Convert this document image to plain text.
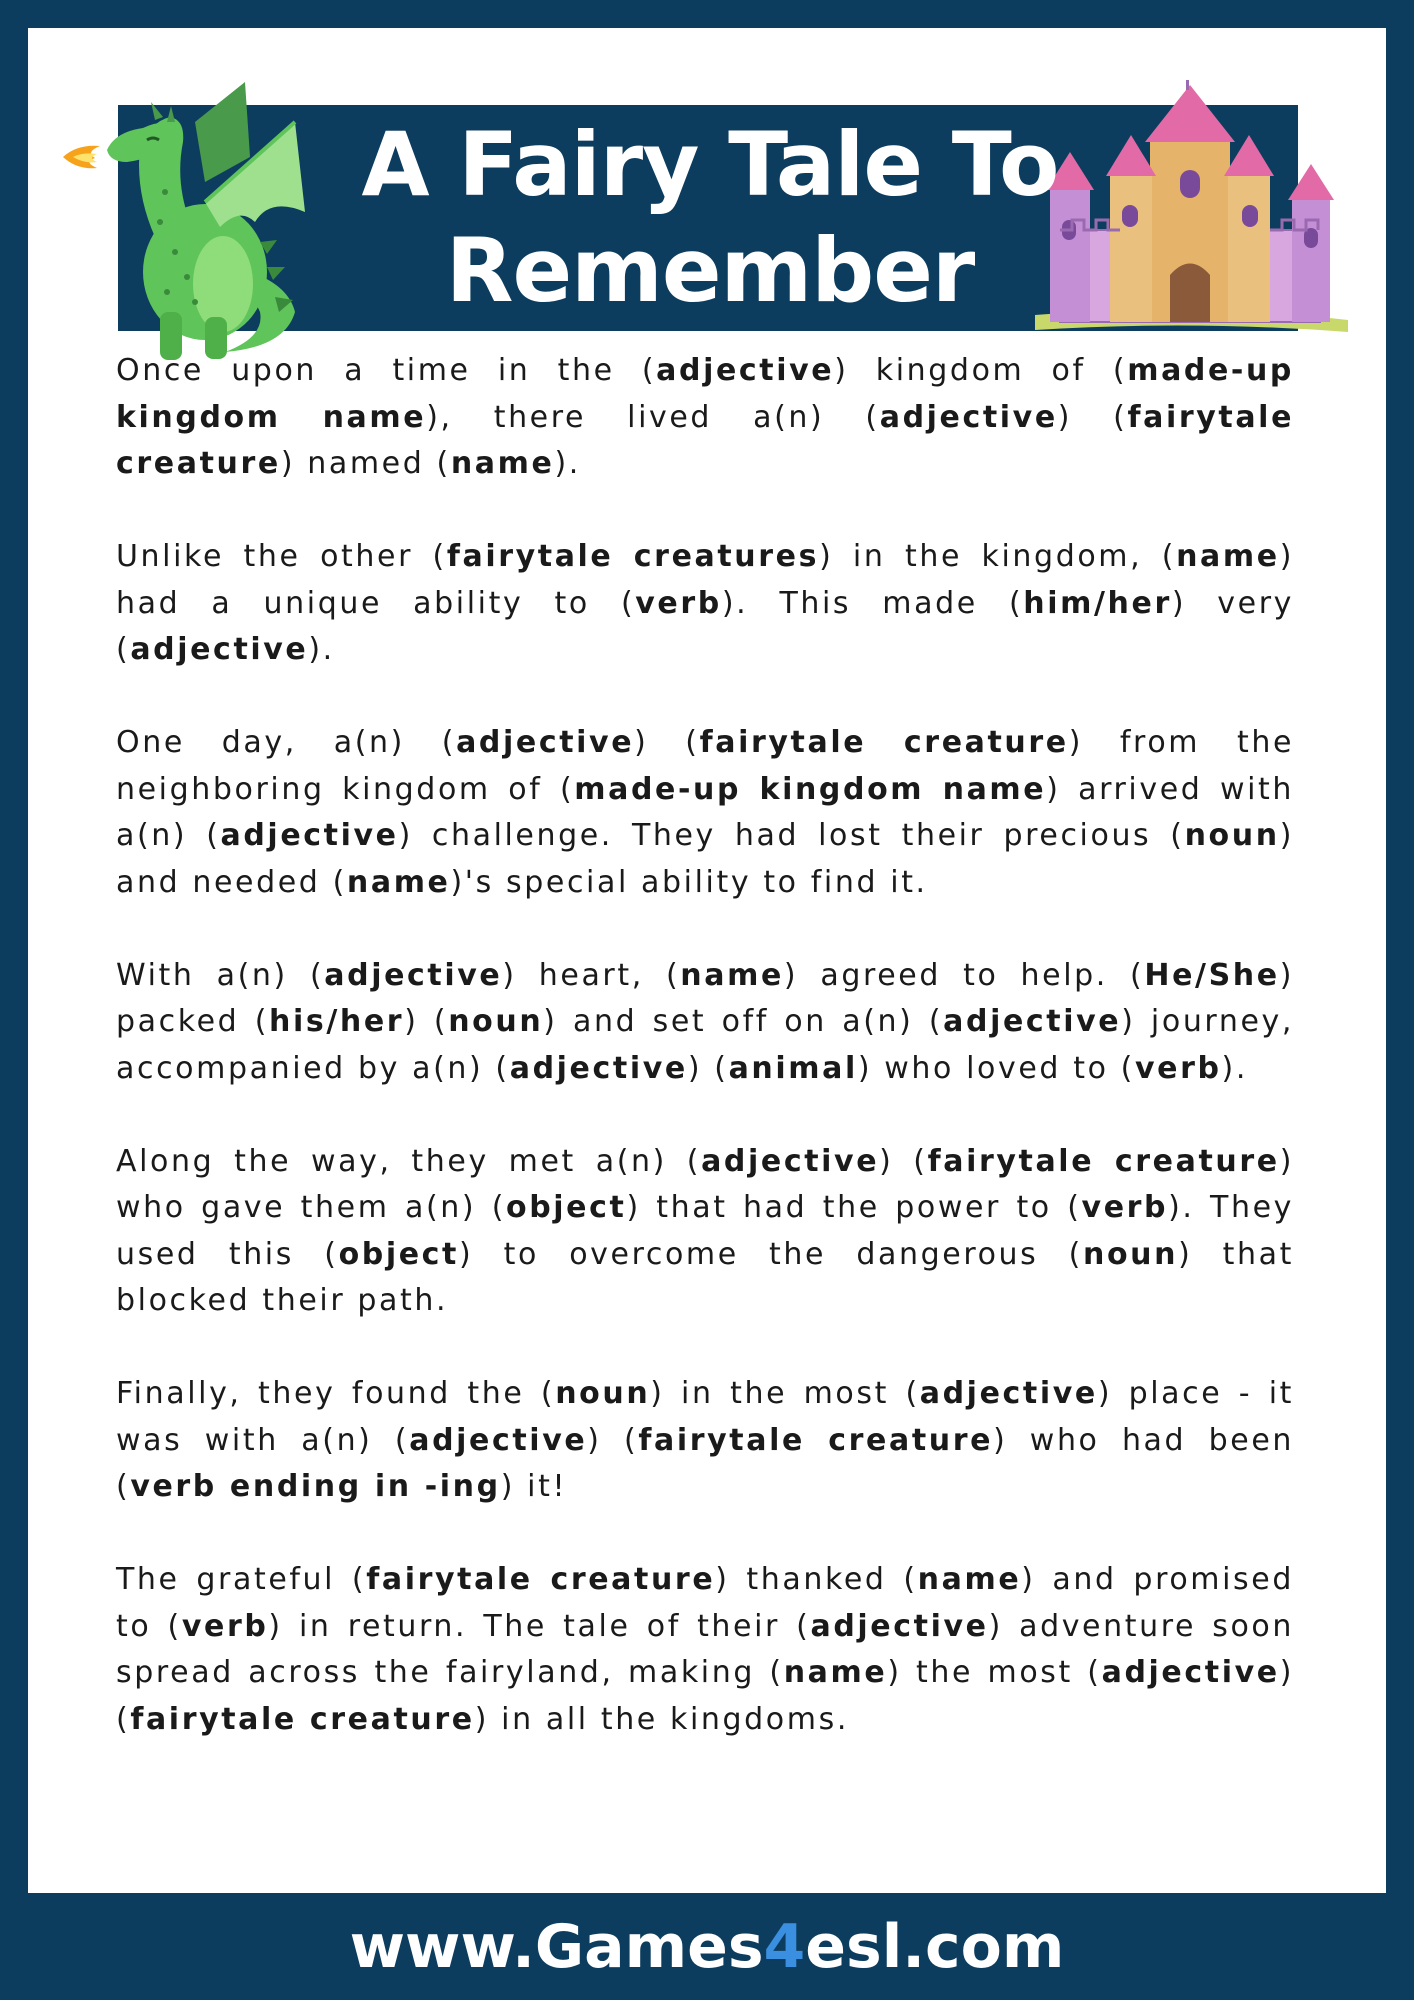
A Fairy Tale To
Remember

Once upon a time in the (adjective) kingdom of (made-up kingdom name), there lived a(n) (adjective) (fairytale creature) named (name).

Unlike the other (fairytale creatures) in the kingdom, (name) had a unique ability to (verb). This made (him/her) very (adjective).

One day, a(n) (adjective) (fairytale creature) from the neighboring kingdom of (made-up kingdom name) arrived with a(n) (adjective) challenge. They had lost their precious (noun) and needed (name)'s special ability to find it.

With a(n) (adjective) heart, (name) agreed to help. (He/She) packed (his/her) (noun) and set off on a(n) (adjective) journey, accompanied by a(n) (adjective) (animal) who loved to (verb).

Along the way, they met a(n) (adjective) (fairytale creature) who gave them a(n) (object) that had the power to (verb). They used this (object) to overcome the dangerous (noun) that blocked their path.

Finally, they found the (noun) in the most (adjective) place - it was with a(n) (adjective) (fairytale creature) who had been (verb ending in -ing) it!

The grateful (fairytale creature) thanked (name) and promised to (verb) in return. The tale of their (adjective) adventure soon spread across the fairyland, making (name) the most (adjective) (fairytale creature) in all the kingdoms.

www.Games 4 esl.com
